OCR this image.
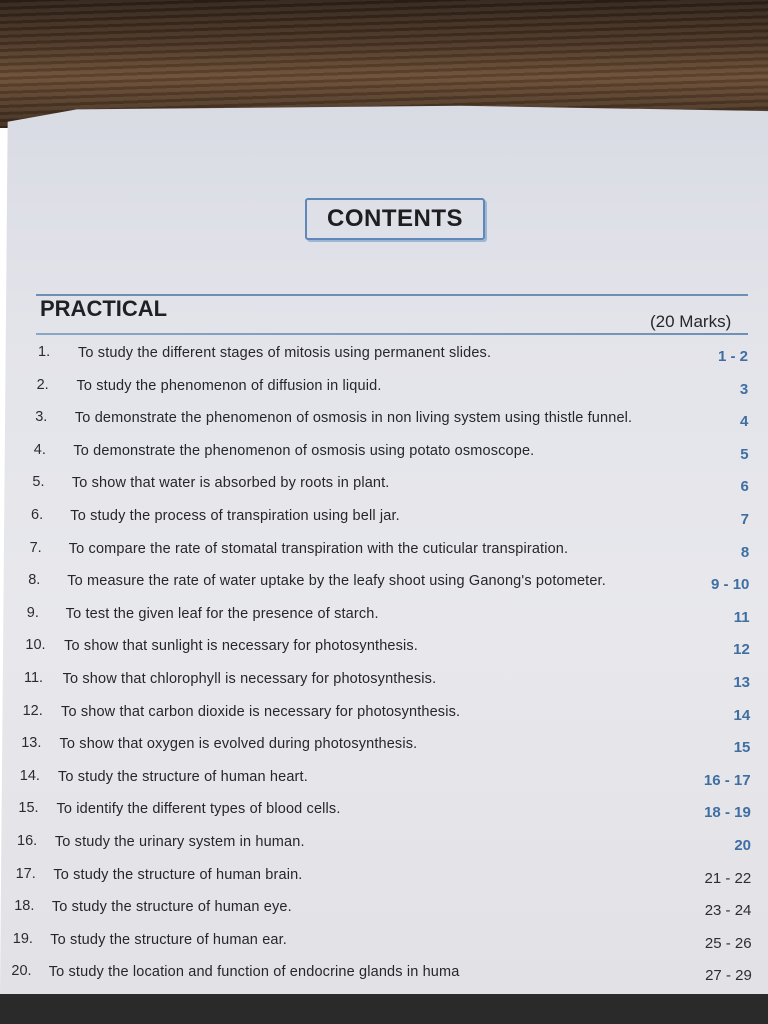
CONTENTS
PRACTICAL
(20 Marks)
1.	To study the different stages of mitosis using permanent slides.	1 - 2
2.	To study the phenomenon of diffusion in liquid.	3
3.	To demonstrate the phenomenon of osmosis in non living system using thistle funnel.	4
4.	To demonstrate the phenomenon of osmosis using potato osmoscope.	5
5.	To show that water is absorbed by roots in plant.	6
6.	To study the process of transpiration using bell jar.	7
7.	To compare the rate of stomatal transpiration with the cuticular transpiration.	8
8.	To measure the rate of water uptake by the leafy shoot using Ganong's potometer.	9 - 10
9.	To test the given leaf for the presence of starch.	11
10.	To show that sunlight is necessary for photosynthesis.	12
11.	To show that chlorophyll is necessary for photosynthesis.	13
12.	To show that carbon dioxide is necessary for photosynthesis.	14
13.	To show that oxygen is evolved during photosynthesis.	15
14.	To study the structure of human heart.	16 - 17
15.	To identify the different types of blood cells.	18 - 19
16.	To study the urinary system in human.	20
17.	To study the structure of human brain.	21 - 22
18.	To study the structure of human eye.	23 - 24
19.	To study the structure of human ear.	25 - 26
20.	To study the location and function of endocrine glands in huma	27 - 29
